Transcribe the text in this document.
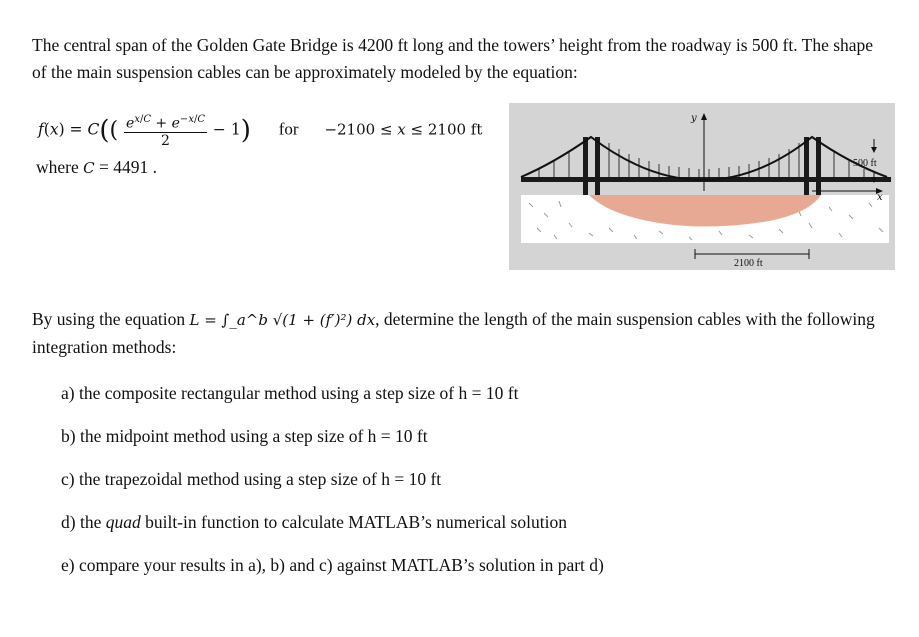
The central span of the Golden Gate Bridge is 4200 ft long and the towers’ height from the roadway is 500 ft. The shape of the main suspension cables can be approximately modeled by the equation:
$f(x) = C(( \frac{e^{x/C} + e^{-x/C}}{2} - 1)$ for −2100 ≤ x ≤ 2100 ft
where C = 4491 .
y
x
500 ft
2100 ft
By using the equation L = ∫_a^b √(1 + (f′)²) dx, determine the length of the main suspension cables with the following integration methods:
a) the composite rectangular method using a step size of h = 10 ft
b) the midpoint method using a step size of h = 10 ft
c) the trapezoidal method using a step size of h = 10 ft
d) the quad built-in function to calculate MATLAB’s numerical solution
e) compare your results in a), b) and c) against MATLAB’s solution in part d)
